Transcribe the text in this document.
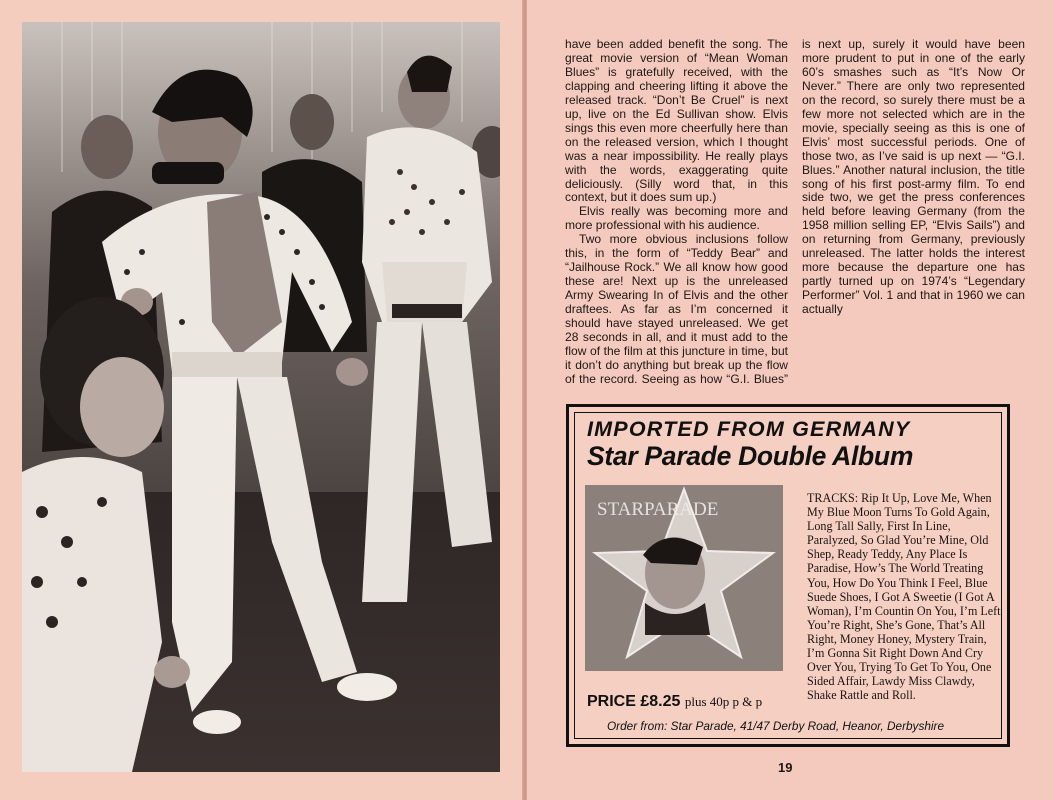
have been added benefit the song. The great movie version of “Mean Woman Blues” is gratefully received, with the clapping and cheering lifting it above the released track. “Don’t Be Cruel” is next up, live on the Ed Sullivan show. Elvis sings this even more cheerfully here than on the released version, which I thought was a near impossibility. He really plays with the words, exaggerating quite deliciously. (Silly word that, in this context, but it does sum up.)

Elvis really was becoming more and more professional with his audience.

Two more obvious inclusions follow this, in the form of “Teddy Bear” and “Jailhouse Rock.” We all know how good these are! Next up is the unreleased Army Swearing In of Elvis and the other draftees. As far as I’m concerned it should have stayed unreleased. We get 28 seconds in all, and it must add to the flow of the film at this juncture in time, but it don’t do anything but break up the flow of the record. Seeing as how “G.I. Blues” is next up, surely it would have been more prudent to put in one of the early 60’s smashes such as “It’s Now Or Never.” There are only two represented on the record, so surely there must be a few more not selected which are in the movie, specially seeing as this is one of Elvis’ most successful periods. One of those two, as I’ve said is up next — “G.I. Blues.” Another natural inclusion, the title song of his first post-army film. To end side two, we get the press conferences held before leaving Germany (from the 1958 million selling EP, “Elvis Sails”) and on returning from Germany, previously unreleased. The latter holds the interest more because the departure one has partly turned up on 1974’s “Legendary Performer” Vol. 1 and that in 1960 we can actually

IMPORTED FROM GERMANY
Star Parade Double Album
STARPARADE
TRACKS: Rip It Up, Love Me, When My Blue Moon Turns To Gold Again, Long Tall Sally, First In Line, Paralyzed, So Glad You’re Mine, Old Shep, Ready Teddy, Any Place Is Paradise, How’s The World Treating You, How Do You Think I Feel, Blue Suede Shoes, I Got A Sweetie (I Got A Woman), I’m Countin On You, I’m Left You’re Right, She’s Gone, That’s All Right, Money Honey, Mystery Train, I’m Gonna Sit Right Down And Cry Over You, Trying To Get To You, One Sided Affair, Lawdy Miss Clawdy, Shake Rattle and Roll.
PRICE £8.25 plus 40p p & p
Order from: Star Parade, 41/47 Derby Road, Heanor, Derbyshire
19
